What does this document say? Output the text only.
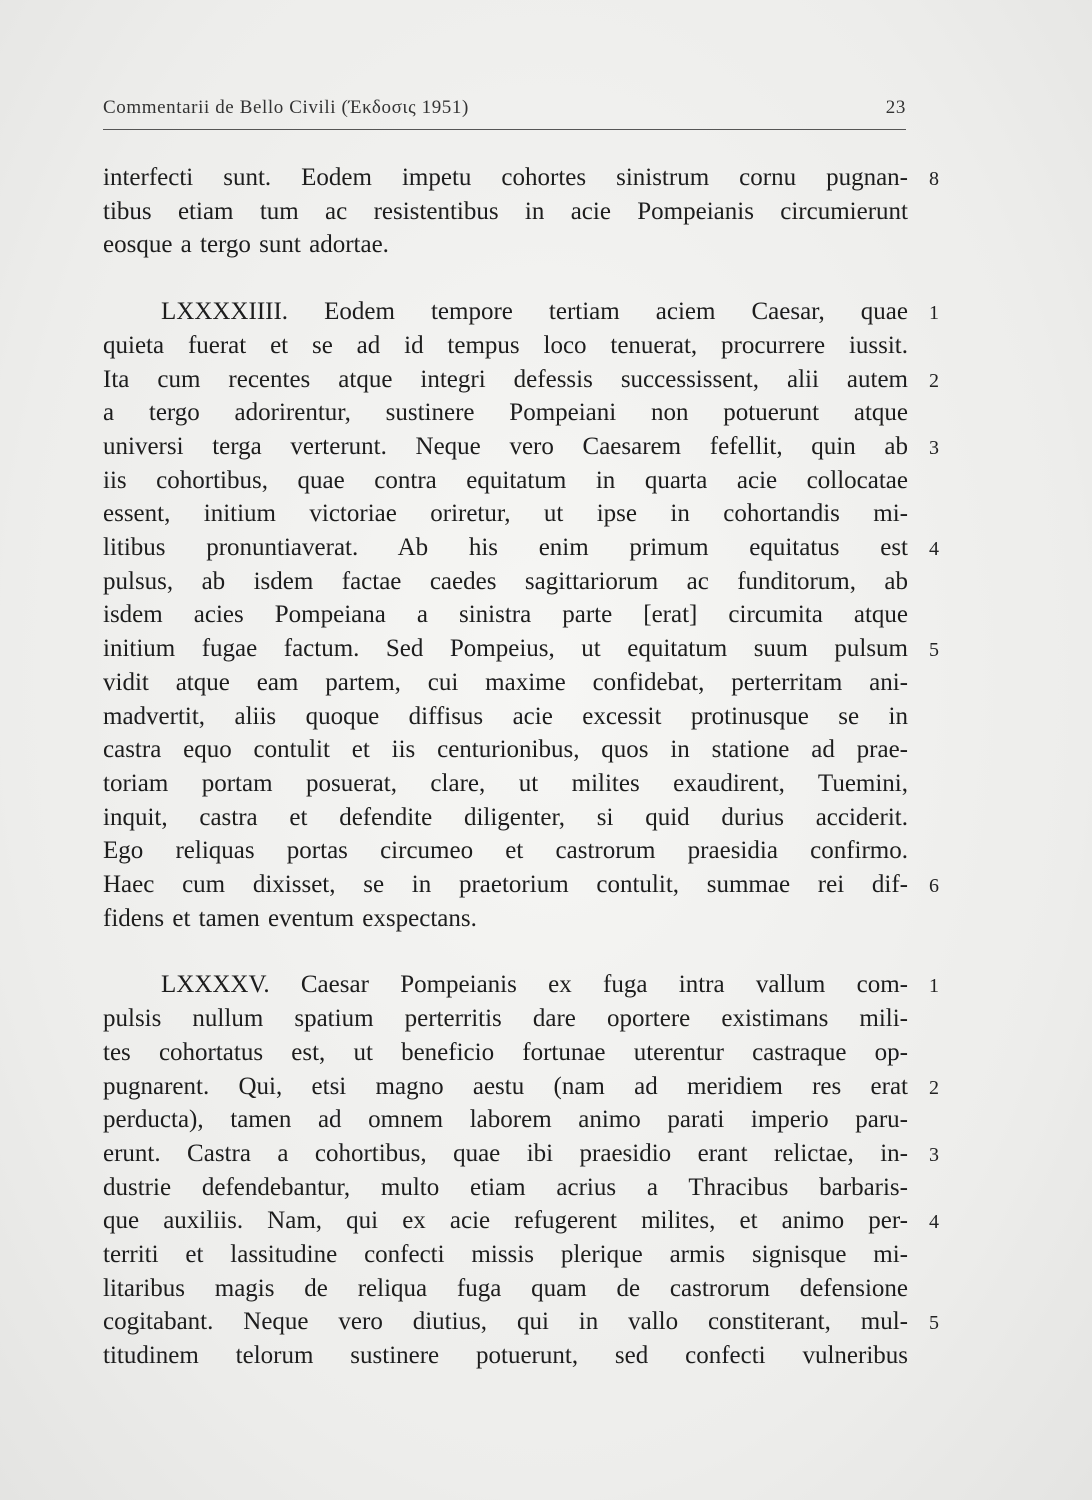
Commentarii de Bello Civili (Έκδοσις 1951)	23
interfecti sunt. Eodem impetu cohortes sinistrum cornu pugnan- 8
tibus etiam tum ac resistentibus in acie Pompeianis circumierunt
eosque a tergo sunt adortae.
LXXXXIIII. Eodem tempore tertiam aciem Caesar, quae 1
quieta fuerat et se ad id tempus loco tenuerat, procurrere iussit.
Ita cum recentes atque integri defessis successissent, alii autem 2
a tergo adorirentur, sustinere Pompeiani non potuerunt atque
universi terga verterunt. Neque vero Caesarem fefellit, quin ab 3
iis cohortibus, quae contra equitatum in quarta acie collocatae
essent, initium victoriae oriretur, ut ipse in cohortandis mi-
litibus pronuntiaverat. Ab his enim primum equitatus est 4
pulsus, ab isdem factae caedes sagittariorum ac funditorum, ab
isdem acies Pompeiana a sinistra parte [erat] circumita atque
initium fugae factum. Sed Pompeius, ut equitatum suum pulsum 5
vidit atque eam partem, cui maxime confidebat, perterritam ani-
madvertit, aliis quoque diffisus acie excessit protinusque se in
castra equo contulit et iis centurionibus, quos in statione ad prae-
toriam portam posuerat, clare, ut milites exaudirent, Tuemini,
inquit, castra et defendite diligenter, si quid durius acciderit.
Ego reliquas portas circumeo et castrorum praesidia confirmo.
Haec cum dixisset, se in praetorium contulit, summae rei dif- 6
fidens et tamen eventum exspectans.
LXXXXV. Caesar Pompeianis ex fuga intra vallum com- 1
pulsis nullum spatium perterritis dare oportere existimans mili-
tes cohortatus est, ut beneficio fortunae uterentur castraque op-
pugnarent. Qui, etsi magno aestu (nam ad meridiem res erat 2
perducta), tamen ad omnem laborem animo parati imperio paru-
erunt. Castra a cohortibus, quae ibi praesidio erant relictae, in- 3
dustrie defendebantur, multo etiam acrius a Thracibus barbaris-
que auxiliis. Nam, qui ex acie refugerent milites, et animo per- 4
territi et lassitudine confecti missis plerique armis signisque mi-
litaribus magis de reliqua fuga quam de castrorum defensione
cogitabant. Neque vero diutius, qui in vallo constiterant, mul- 5
titudinem telorum sustinere potuerunt, sed confecti vulneribus
